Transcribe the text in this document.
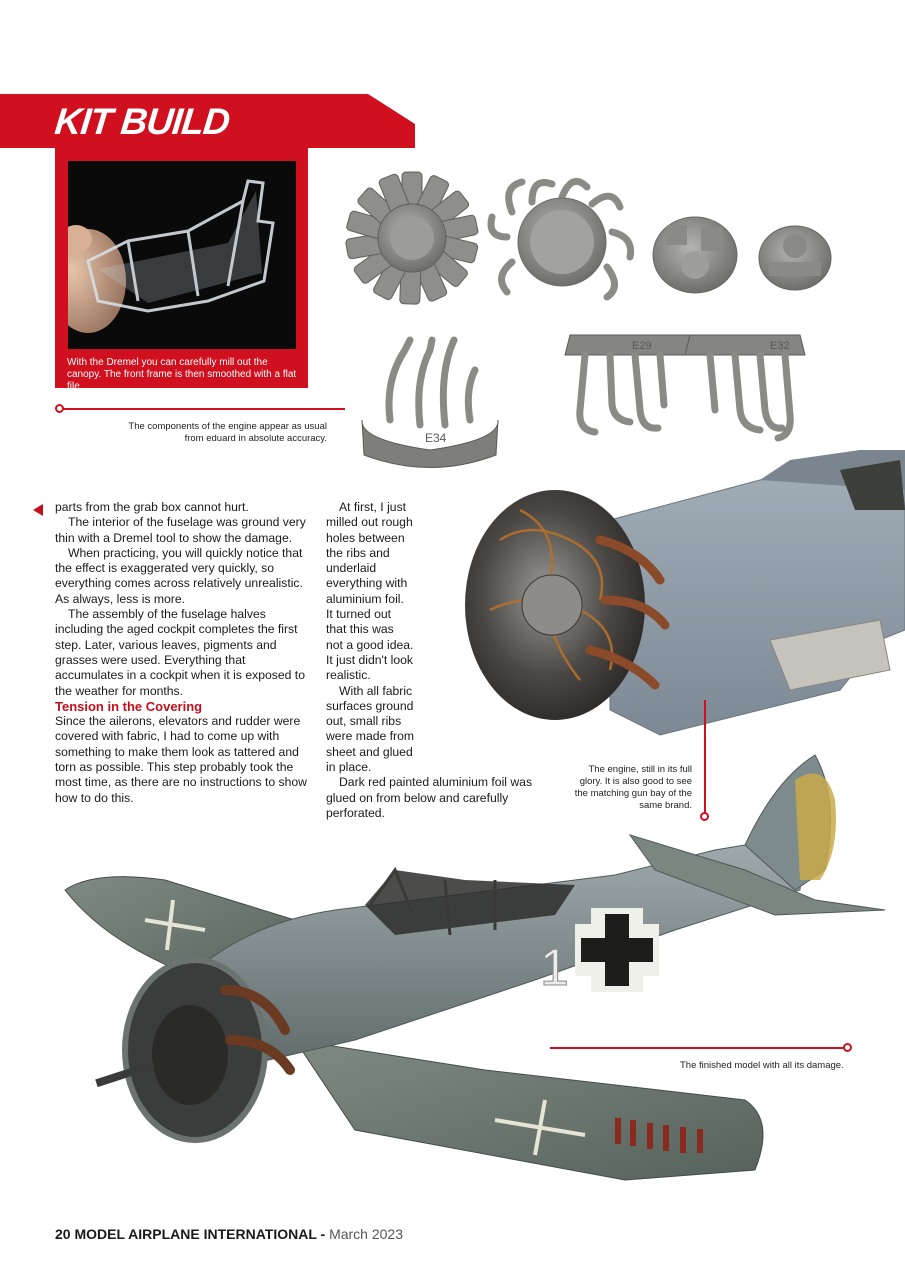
KIT BUILD
With the Dremel you can carefully mill out the canopy. The front frame is then smoothed with a flat file.
E34
E29	E32
The components of the engine appear as usual from eduard in absolute accuracy.
The engine, still in its full glory. It is also good to see the matching gun bay of the same brand.

parts from the grab box cannot hurt.

The interior of the fuselage was ground very thin with a Dremel tool to show the damage.

When practicing, you will quickly notice that the effect is exaggerated very quickly, so everything comes across relatively unrealistic. As always, less is more.

The assembly of the fuselage halves including the aged cockpit completes the first step. Later, various leaves, pigments and grasses were used. Everything that accumulates in a cockpit when it is exposed to the weather for months.

Tension in the Covering

Since the ailerons, elevators and rudder were covered with fabric, I had to come up with something to make them look as tattered and torn as possible. This step probably took the most time, as there are no instructions to show how to do this.

At first, I just milled out rough holes between the ribs and underlaid everything with aluminium foil. It turned out that this was not a good idea. It just didn't look realistic.

With all fabric surfaces ground out, small ribs were made from sheet and glued in place.

Dark red painted aluminium foil was glued on from below and carefully perforated.

1
The finished model with all its damage.
20 MODEL AIRPLANE INTERNATIONAL - March 2023
